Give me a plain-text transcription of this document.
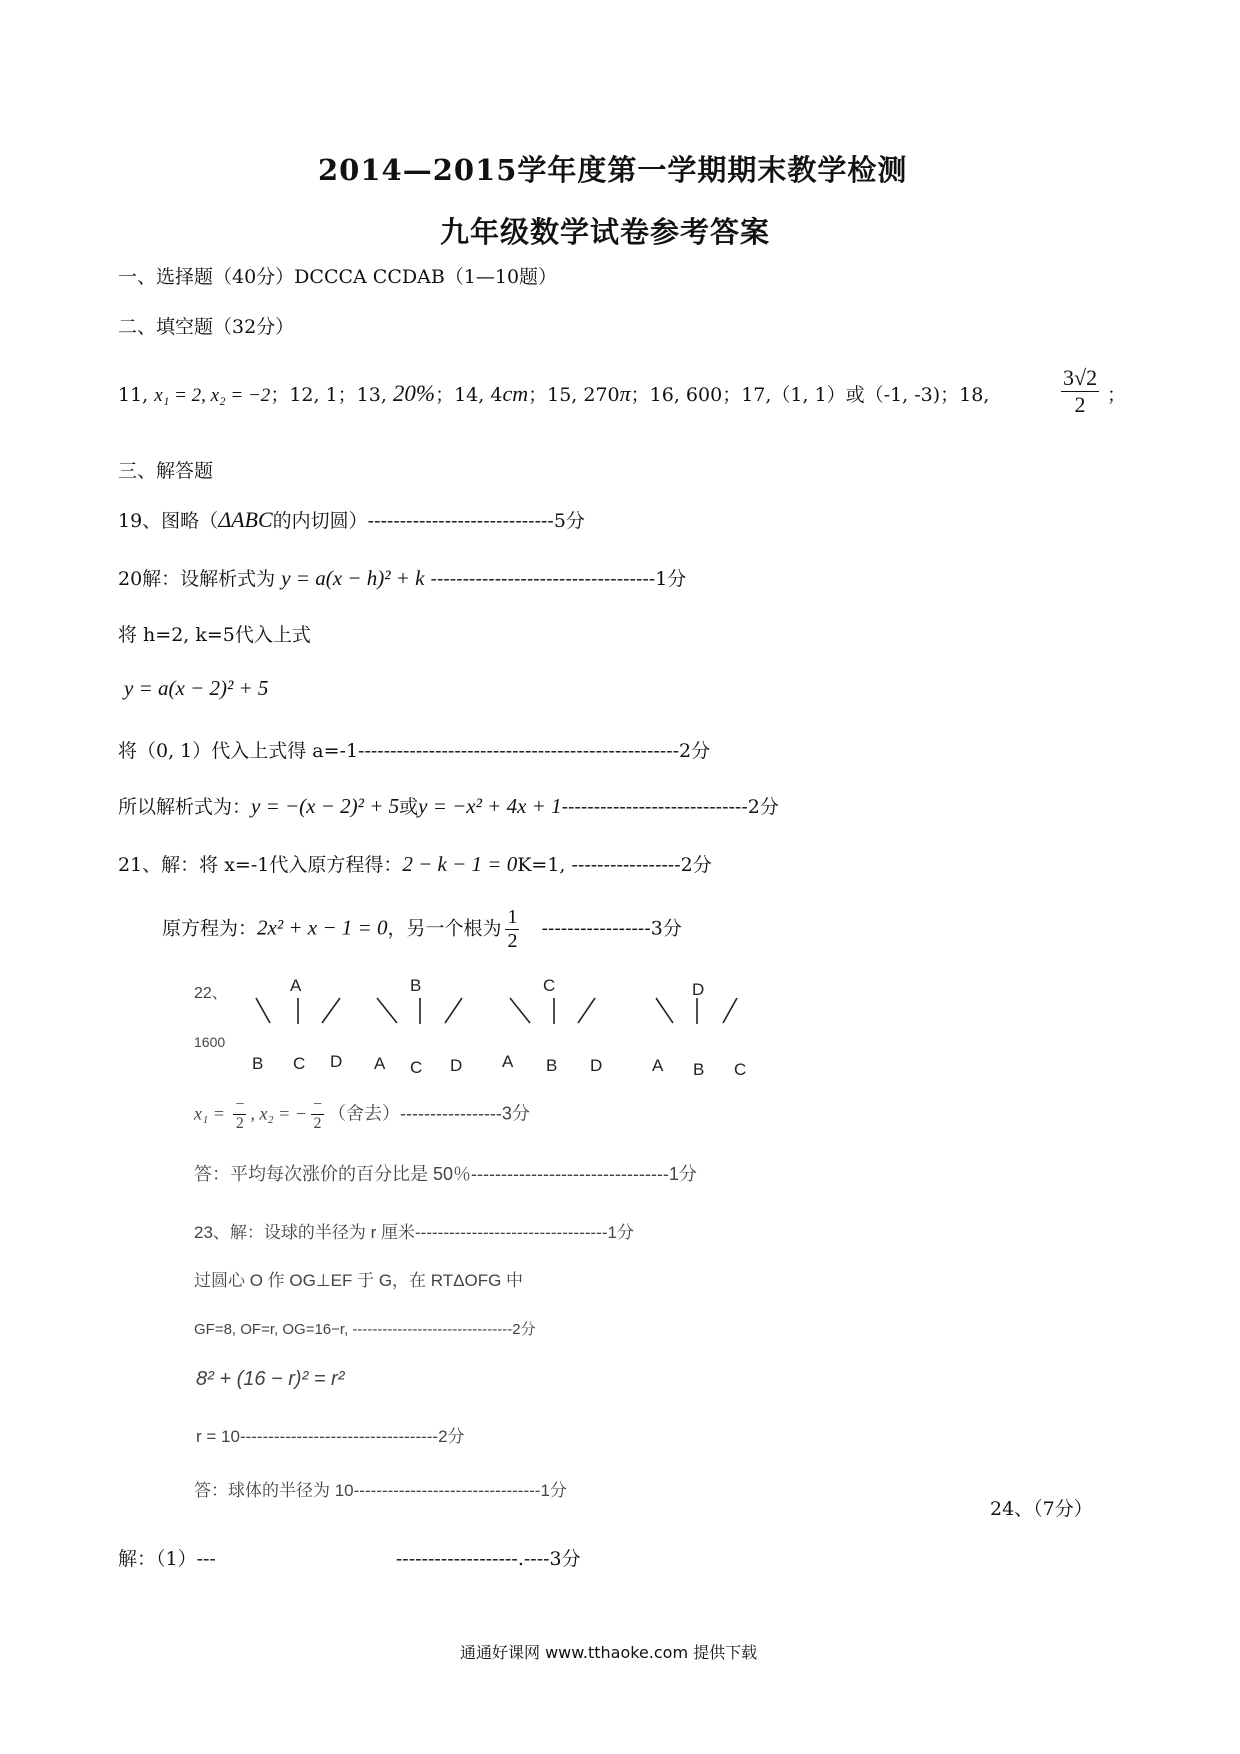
2014—2015学年度第一学期期末教学检测
九年级数学试卷参考答案
一、选择题（40分）DCCCA CCDAB（1—10题）
二、填空题（32分）
11, x₁ = 2, x₂ = −2；12, 1；13, 20%；14, 4cm；15, 270π；16, 600；17,（1, 1）或（-1, -3)；18,	$\frac{3√2}{2}$ ；
三、解答题
19、图略（ΔABC的内切圆）-----------------------------5分
20解：设解析式为 y = a(x − h)² + k -----------------------------------1分
将 h=2, k=5代入上式
y = a(x − 2)² + 5
将（0, 1）代入上式得 a=-1--------------------------------------------------2分
所以解析式为：y = −(x − 2)² + 5或y = −x² + 4x + 1-----------------------------2分
21、解：将 x=-1代入原方程得：2 − k − 1 = 0K=1, -----------------2分
原方程为：2x² + x − 1 = 0，另一个根为 $\frac{1}{2} -----------------3$分
22、
1600
A	B	C	D
B C D A C D A B D	A B C
$x_1 = \frac{-}{2}$ , x₂ = − $\frac{-}{2}$ （舍去）-----------------3分
答：平均每次涨价的百分比是 50％---------------------------------1分
23、解：设球的半径为 r 厘米----------------------------------1分
过圆心 O 作 OG⊥EF 于 G，在 RTΔOFG 中
GF=8, OF=r, OG=16−r, --------------------------------2分
8² + (16 − r)² = r²
r = 10-----------------------------------2分
答：球体的半径为 10---------------------------------1分
24、（7分）
解：（1）---	-------------------.----3分
通通好课网 www.tthaoke.com 提供下载
